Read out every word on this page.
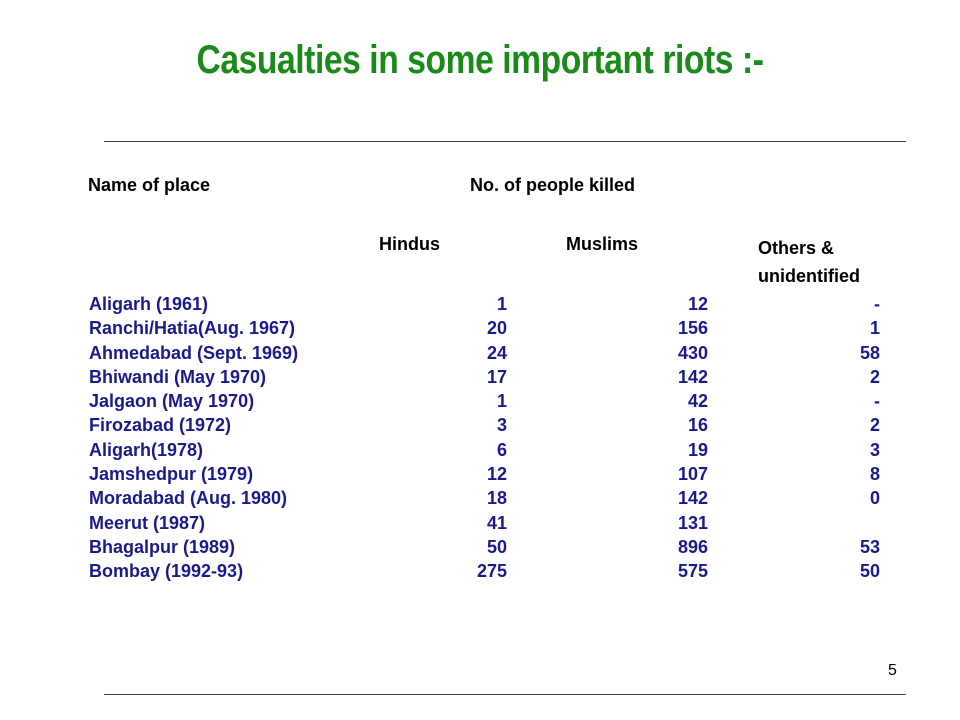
Casualties in some important riots :-
Name of place	No. of people killed
Hindus	Muslims	Others &
unidentified
Aligarh (1961)	1	12	-
Ranchi/Hatia(Aug. 1967)	20	156	1
Ahmedabad (Sept. 1969)	24	430	58
Bhiwandi (May 1970)	17	142	2
Jalgaon (May 1970)	1	42	-
Firozabad (1972)	3	16	2
Aligarh(1978)	6	19	3
Jamshedpur (1979)	12	107	8
Moradabad (Aug. 1980)	18	142	0
Meerut (1987)	41	131
Bhagalpur (1989)	50	896	53
Bombay (1992-93)	275	575	50
5
